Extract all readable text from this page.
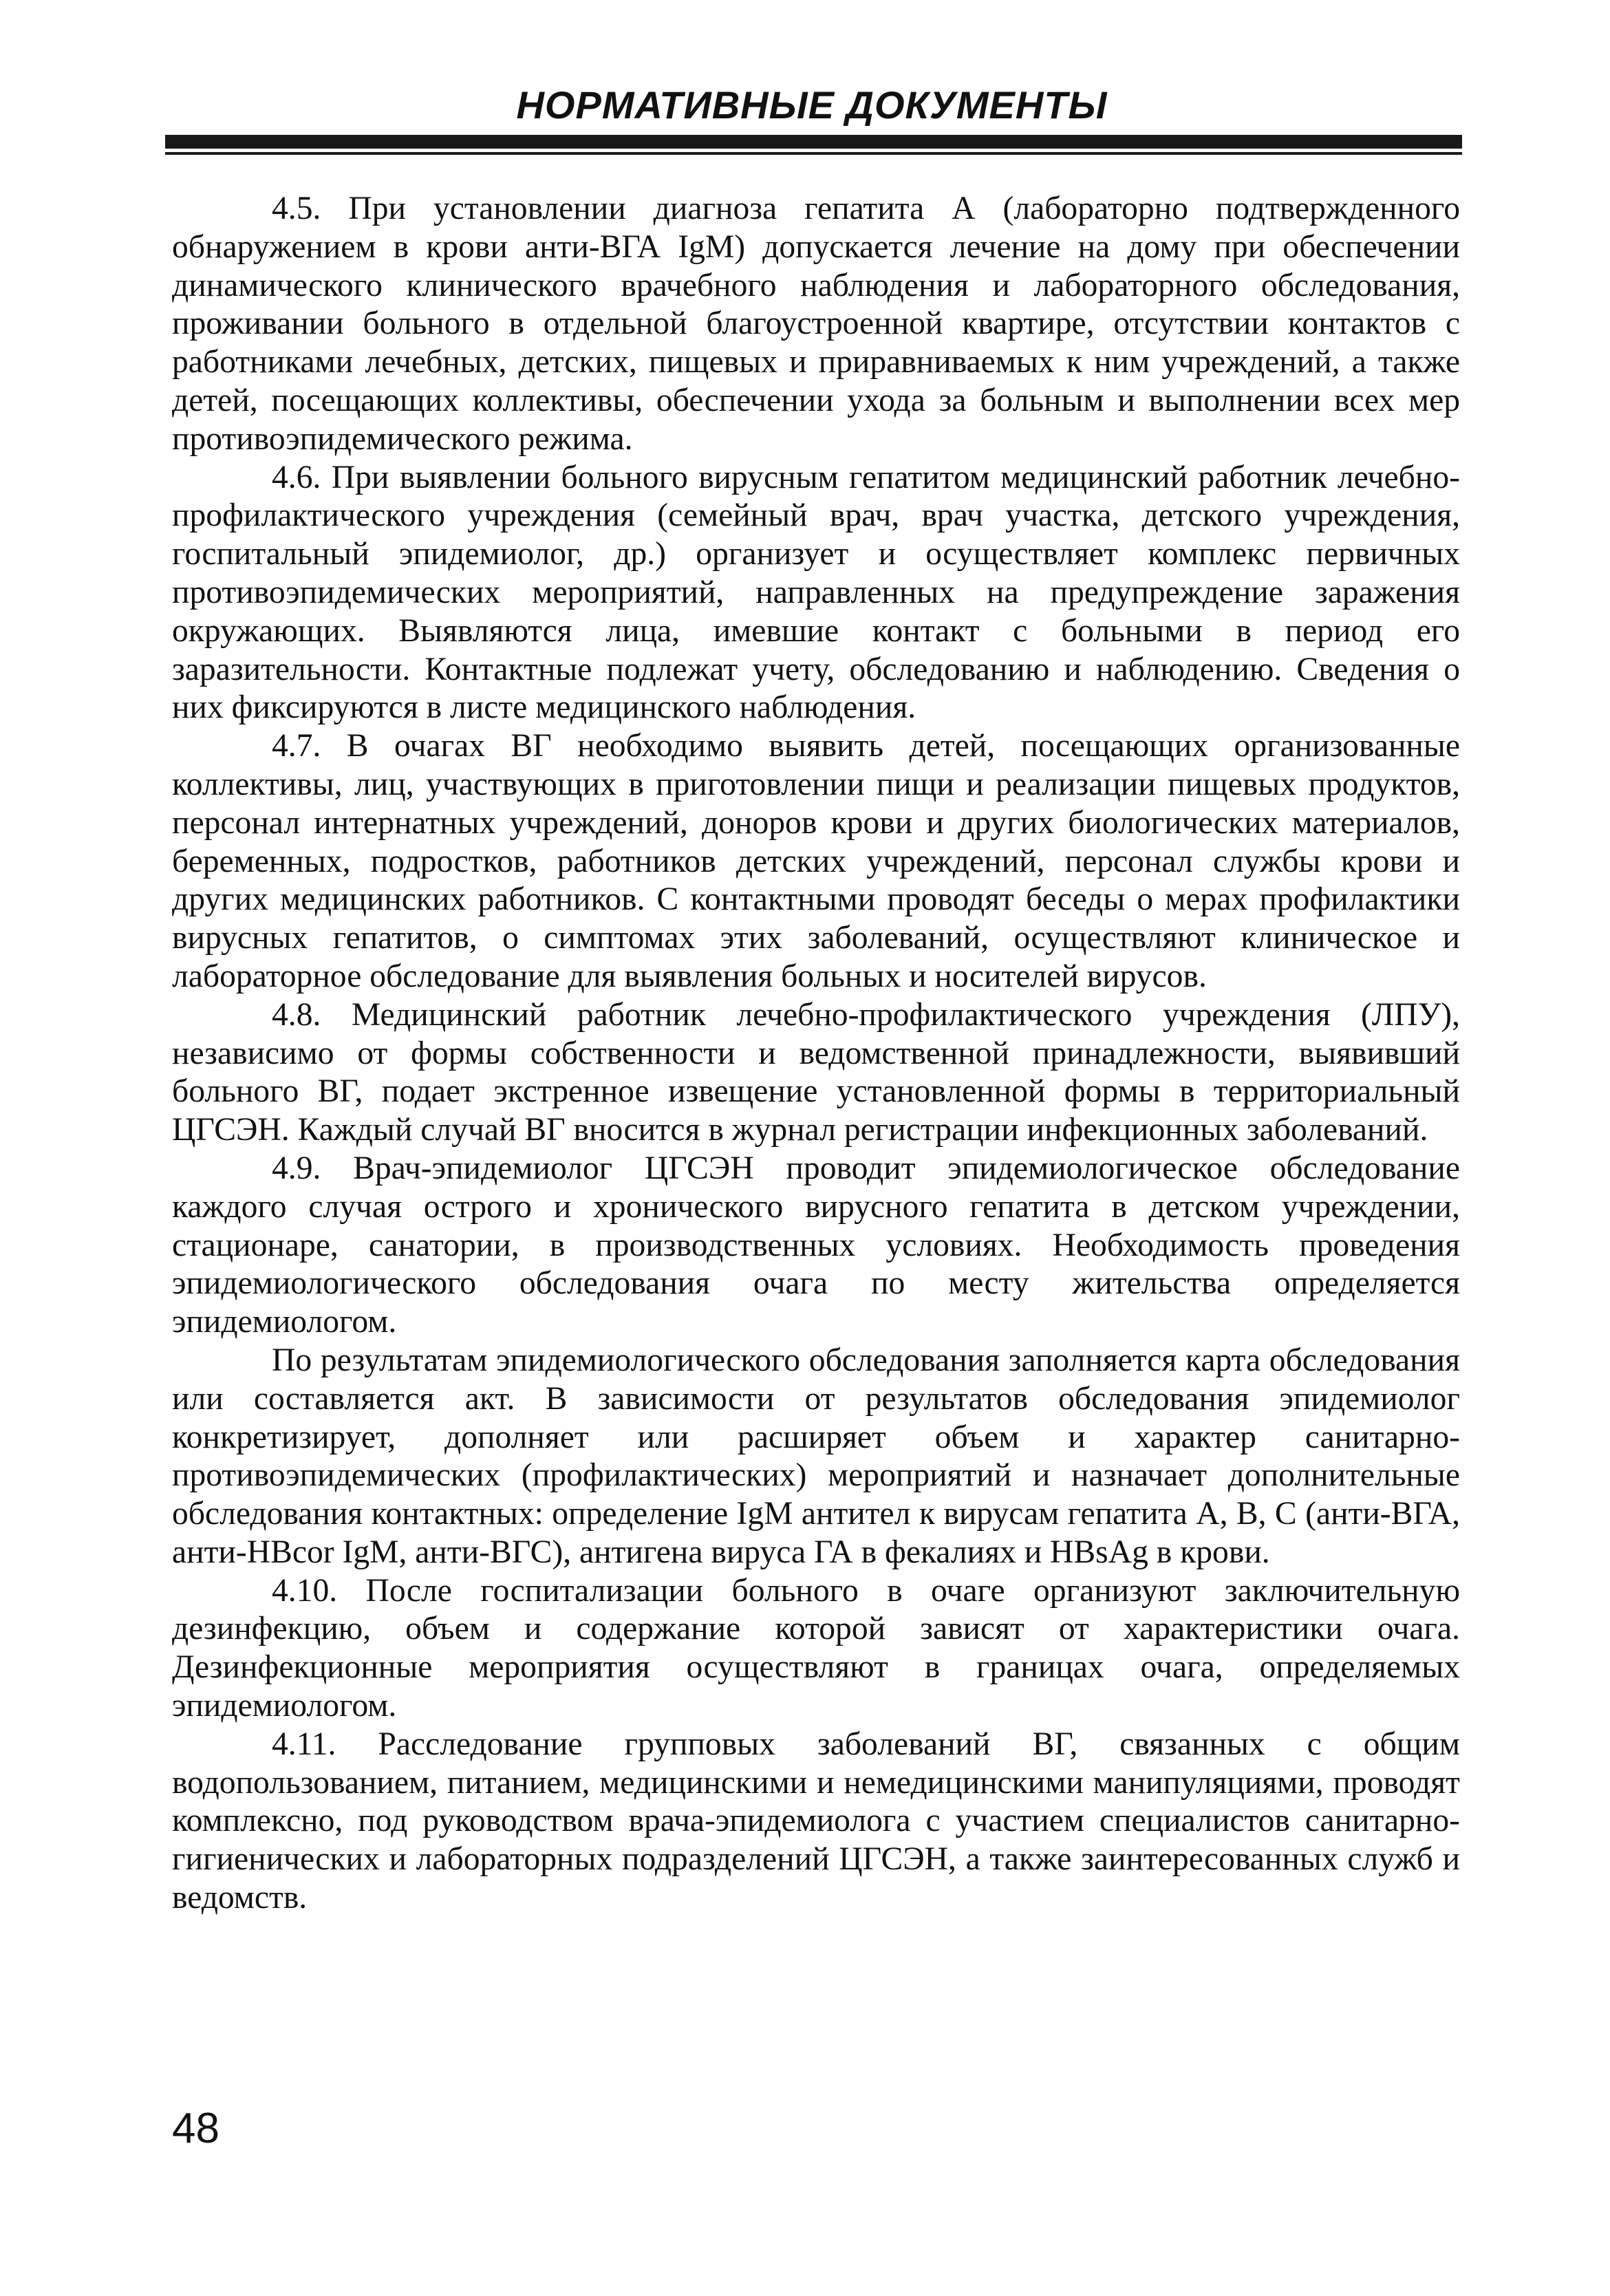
НОРМАТИВНЫЕ ДОКУМЕНТЫ

4.5. При установлении диагноза гепатита А (лабораторно подтвержденного обнаружением в крови анти-ВГА IgM) допускается лечение на дому при обеспечении динамического клинического врачебного наблюдения и лабораторного обследования, проживании больного в отдельной благоустроенной квартире, отсутствии контактов с работниками лечебных, детских, пищевых и приравниваемых к ним учреждений, а также детей, посещающих коллективы, обеспечении ухода за больным и выполнении всех мер противоэпидемического режима.

4.6. При выявлении больного вирусным гепатитом медицинский работник лечебно-профилактического учреждения (семейный врач, врач участка, детского учреждения, госпитальный эпидемиолог, др.) организует и осуществляет комплекс первичных противоэпидемических мероприятий, направленных на предупреждение заражения окружающих. Выявляются лица, имевшие контакт с больными в период его заразительности. Контактные подлежат учету, обследованию и наблюдению. Сведения о них фиксируются в листе медицинского наблюдения.

4.7. В очагах ВГ необходимо выявить детей, посещающих организованные коллективы, лиц, участвующих в приготовлении пищи и реализации пищевых продуктов, персонал интернатных учреждений, доноров крови и других биологических материалов, беременных, подростков, работников детских учреждений, персонал службы крови и других медицинских работников. С контактными проводят беседы о мерах профилактики вирусных гепатитов, о симптомах этих заболеваний, осуществляют клиническое и лабораторное обследование для выявления больных и носителей вирусов.

4.8. Медицинский работник лечебно-профилактического учреждения (ЛПУ), независимо от формы собственности и ведомственной принадлежности, выявивший больного ВГ, подает экстренное извещение установленной формы в территориальный ЦГСЭН. Каждый случай ВГ вносится в журнал регистрации инфекционных заболеваний.

4.9. Врач-эпидемиолог ЦГСЭН проводит эпидемиологическое обследование каждого случая острого и хронического вирусного гепатита в детском учреждении, стационаре, санатории, в производственных условиях. Необходимость проведения эпидемиологического обследования очага по месту жительства определяется эпидемиологом.

По результатам эпидемиологического обследования заполняется карта обследования или составляется акт. В зависимости от результатов обследования эпидемиолог конкретизирует, дополняет или расширяет объем и характер санитарно-противоэпидемических (профилактических) мероприятий и назначает дополнительные обследования контактных: определение IgM антител к вирусам гепатита А, В, С (анти-ВГА, анти-HBcor IgM, анти-ВГС), антигена вируса ГА в фекалиях и HBsAg в крови.

4.10. После госпитализации больного в очаге организуют заключительную дезинфекцию, объем и содержание которой зависят от характеристики очага. Дезинфекционные мероприятия осуществляют в границах очага, определяемых эпидемиологом.

4.11. Расследование групповых заболеваний ВГ, связанных с общим водопользованием, питанием, медицинскими и немедицинскими манипуляциями, проводят комплексно, под руководством врача-эпидемиолога с участием специалистов санитарно-гигиенических и лабораторных подразделений ЦГСЭН, а также заинтересованных служб и ведомств.

48
